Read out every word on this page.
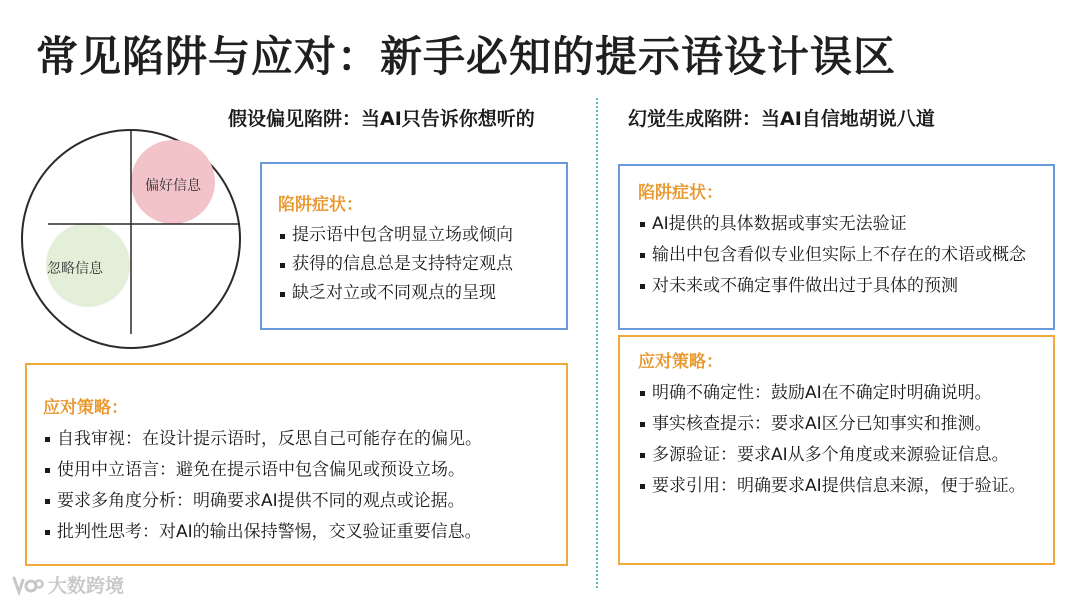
常见陷阱与应对：新手必知的提示语设计误区
假设偏见陷阱：当AI只告诉你想听的	幻觉生成陷阱：当AI自信地胡说八道
偏好信息
忽略信息
陷阱症状：
提示语中包含明显立场或倾向
获得的信息总是支持特定观点
缺乏对立或不同观点的呈现
应对策略：
自我审视：在设计提示语时，反思自己可能存在的偏见。
使用中立语言：避免在提示语中包含偏见或预设立场。
要求多角度分析：明确要求AI提供不同的观点或论据。
批判性思考：对AI的输出保持警惕，交叉验证重要信息。
陷阱症状：
AI提供的具体数据或事实无法验证
输出中包含看似专业但实际上不存在的术语或概念
对未来或不确定事件做出过于具体的预测
应对策略：
明确不确定性：鼓励AI在不确定时明确说明。
事实核查提示：要求AI区分已知事实和推测。
多源验证：要求AI从多个角度或来源验证信息。
要求引用：明确要求AI提供信息来源，便于验证。
大数跨境
